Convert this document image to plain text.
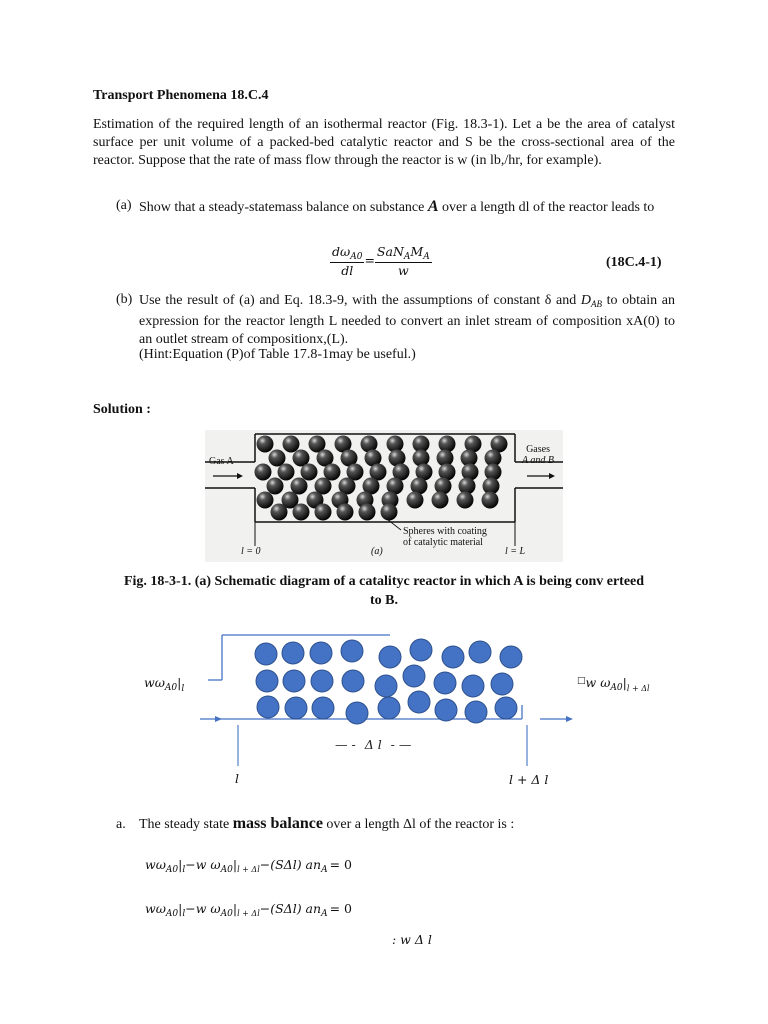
Transport Phenomena 18.C.4
Estimation of the required length of an isothermal reactor (Fig. 18.3-1). Let a be the area of catalyst surface per unit volume of a packed-bed catalytic reactor and S be the cross-sectional area of the reactor. Suppose that the rate of mass flow through the reactor is w (in lb,/hr, for example).
(a) Show that a steady-statemass balance on substance A over a length dl of the reactor leads to
$\frac{d\omega_{A0}}{dl} = \frac{SaN_AM_A}{w}$	(18C.4-1)
(b) Use the result of (a) and Eq. 18.3-9, with the assumptions of constant δ and $D_{AB}$ to obtain an expression for the reactor length L needed to convert an inlet stream of composition xA(0) to an outlet stream of compositionx,(L).
(Hint:Equation (P)of Table 17.8-1may be useful.)
Solution :
Gas A
Gases
A and B
Spheres with coating
of catalytic material
l = 0	(a)	l = L
Fig. 18-3-1. (a) Schematic diagram of a catalityc reactor in which A is being conv erteed
to B.
$w\omega_{A0}|_l$
□w $\omega_{A0}|_{l + \Delta l}$
— - Δ l - —
l	l + Δ l
a. The steady state mass balance over a length Δl of the reactor is :
$w\omega_{A0}|_l-w$ $\omega_{A0}|_{l + \Delta l}-(S\Delta l) an_A = 0$
$w\omega_{A0}|_l-w$ $\omega_{A0}|_{l + \Delta l}-(S\Delta l) an_A = 0$
: w Δ l
